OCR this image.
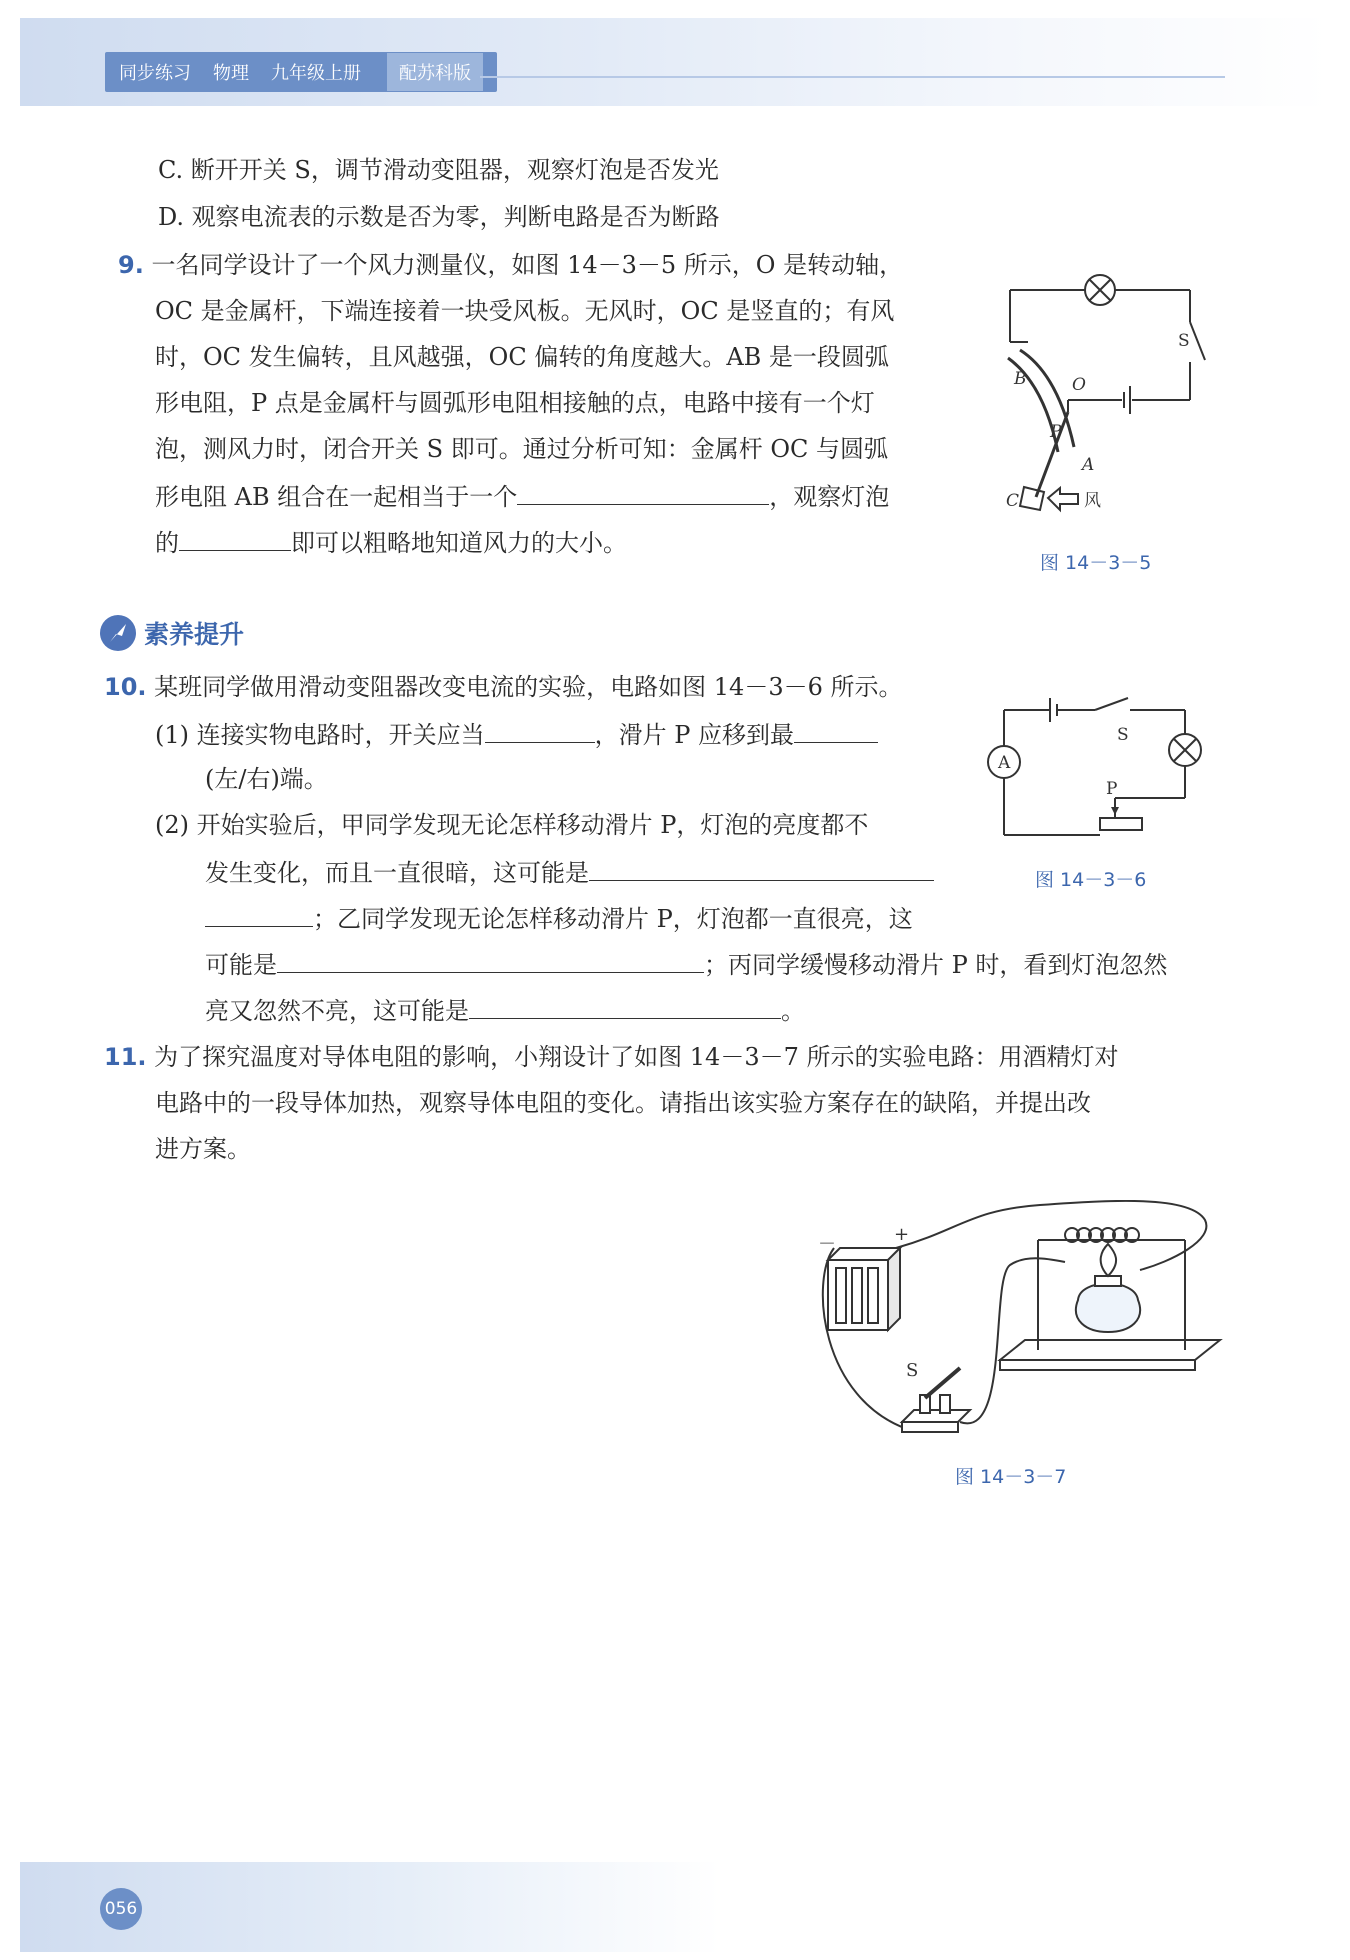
同步练习 物理 九年级上册	配苏科版
C. 断开开关 S，调节滑动变阻器，观察灯泡是否发光
D. 观察电流表的示数是否为零，判断电路是否为断路
9. 一名同学设计了一个风力测量仪，如图 14－3－5 所示，O 是转动轴，
OC 是金属杆，下端连接着一块受风板。无风时，OC 是竖直的；有风
时，OC 发生偏转，且风越强，OC 偏转的角度越大。AB 是一段圆弧
形电阻，P 点是金属杆与圆弧形电阻相接触的点，电路中接有一个灯
泡，测风力时，闭合开关 S 即可。通过分析可知：金属杆 OC 与圆弧
形电阻 AB 组合在一起相当于一个	，观察灯泡
的	即可以粗略地知道风力的大小。
S
B	O
P
A
C	风
图 14－3－5
素养提升
10. 某班同学做用滑动变阻器改变电流的实验，电路如图 14－3－6 所示。
(1) 连接实物电路时，开关应当	，滑片 P 应移到最
(左/右)端。
(2) 开始实验后，甲同学发现无论怎样移动滑片 P，灯泡的亮度都不
发生变化，而且一直很暗，这可能是
；乙同学发现无论怎样移动滑片 P，灯泡都一直很亮，这
可能是	；丙同学缓慢移动滑片 P 时，看到灯泡忽然
亮又忽然不亮，这可能是	。
S
A
P
图 14－3－6
11. 为了探究温度对导体电阻的影响，小翔设计了如图 14－3－7 所示的实验电路：用酒精灯对
电路中的一段导体加热，观察导体电阻的变化。请指出该实验方案存在的缺陷，并提出改
进方案。
－	+
S
图 14－3－7
056
